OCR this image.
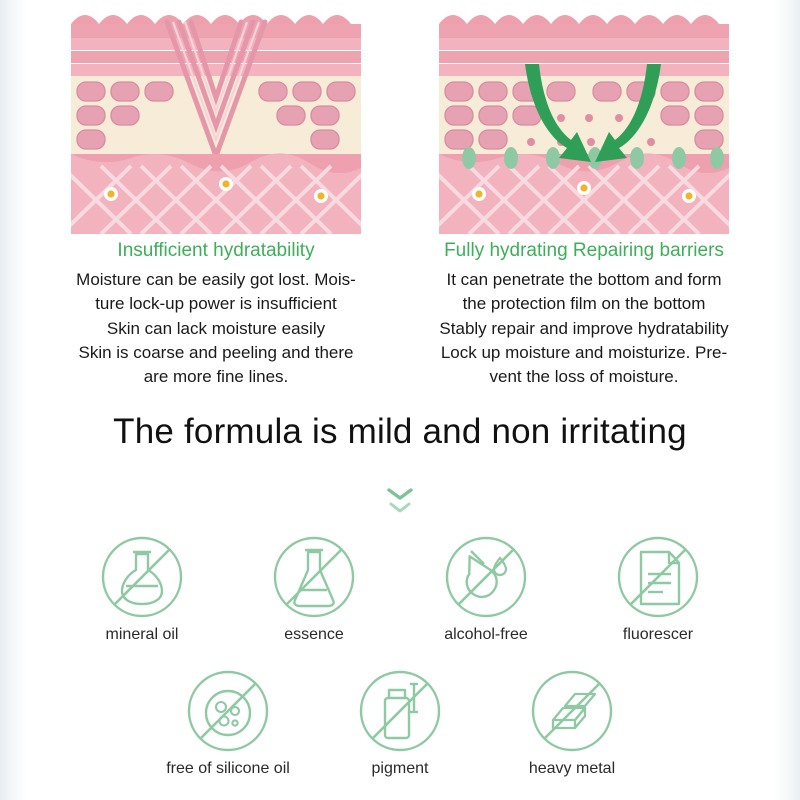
Insufficient hydratability
Moisture can be easily got lost. Mois-
ture lock-up power is insufficient
Skin can lack moisture easily
Skin is coarse and peeling and there
are more fine lines.
Fully hydrating Repairing barriers
It can penetrate the bottom and form
the protection film on the bottom
Stably repair and improve hydratability
Lock up moisture and moisturize. Pre-
vent the loss of moisture.
The formula is mild and non irritating
mineral oil	essence	alcohol-free	fluorescer
free of silicone oil	pigment	heavy metal
